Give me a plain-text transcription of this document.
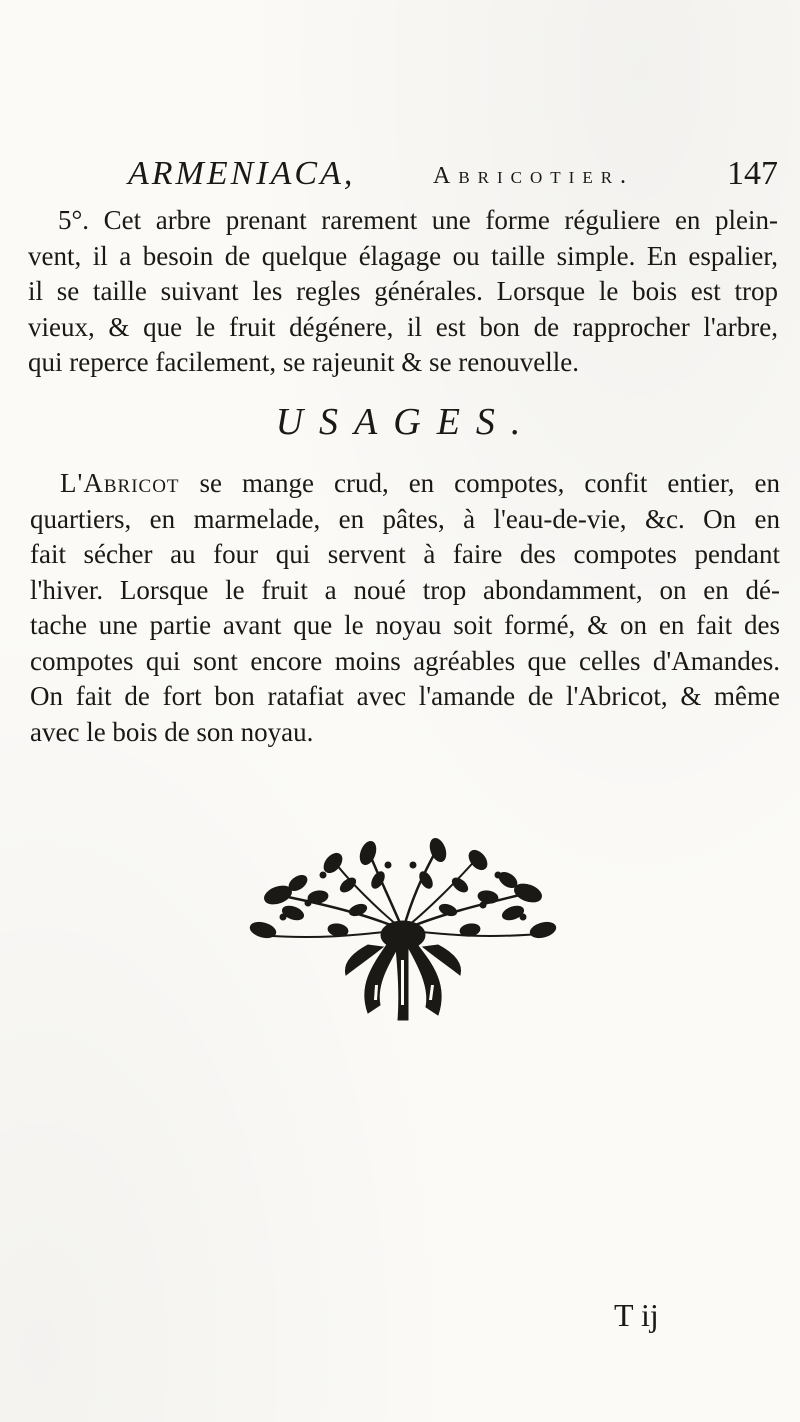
ARMENIACA,	Abricotier.	147
5°. Cet arbre prenant rarement une forme réguliere en plein-
vent, il a besoin de quelque élagage ou taille simple. En espalier,
il se taille suivant les regles générales. Lorsque le bois est trop
vieux, & que le fruit dégénere, il est bon de rapprocher l'arbre,
qui reperce facilement, se rajeunit & se renouvelle.
USAGES.
L'Abricot se mange crud, en compotes, confit entier, en
quartiers, en marmelade, en pâtes, à l'eau-de-vie, &c. On en
fait sécher au four qui servent à faire des compotes pendant
l'hiver. Lorsque le fruit a noué trop abondamment, on en dé-
tache une partie avant que le noyau soit formé, & on en fait des
compotes qui sont encore moins agréables que celles d'Amandes.
On fait de fort bon ratafiat avec l'amande de l'Abricot, & même
avec le bois de son noyau.
T ij
